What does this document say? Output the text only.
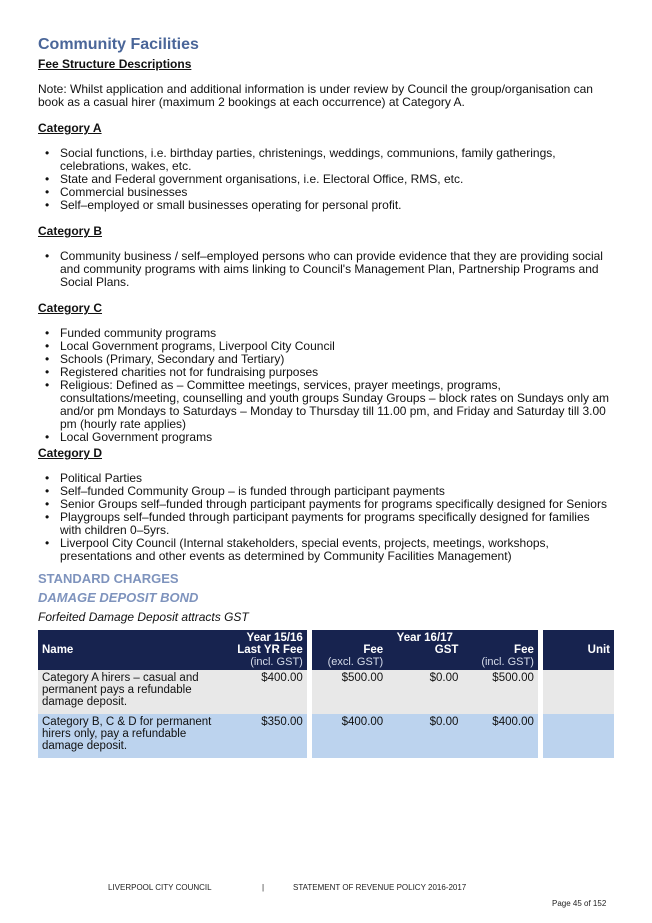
Community Facilities
Fee Structure Descriptions

Note: Whilst application and additional information is under review by Council the group/organisation can book as a casual hirer (maximum 2 bookings at each occurrence) at Category A.

Category A
• Social functions, i.e. birthday parties, christenings, weddings, communions, family gatherings, celebrations, wakes, etc.
• State and Federal government organisations, i.e. Electoral Office, RMS, etc.
• Commercial businesses
• Self–employed or small businesses operating for personal profit.
Category B
• Community business / self–employed persons who can provide evidence that they are providing social and community programs with aims linking to Council's Management Plan, Partnership Programs and Social Plans.
Category C
• Funded community programs
• Local Government programs, Liverpool City Council
• Schools (Primary, Secondary and Tertiary)
• Registered charities not for fundraising purposes
• Religious: Defined as – Committee meetings, services, prayer meetings, programs, consultations/meeting, counselling and youth groups Sunday Groups – block rates on Sundays only am and/or pm Mondays to Saturdays – Monday to Thursday till 11.00 pm, and Friday and Saturday till 3.00 pm (hourly rate applies)
• Local Government programs
Category D
• Political Parties
• Self–funded Community Group – is funded through participant payments
• Senior Groups self–funded through participant payments for programs specifically designed for Seniors
• Playgroups self–funded through participant payments for programs specifically designed for families with children 0–5yrs.
• Liverpool City Council (Internal stakeholders, special events, projects, meetings, workshops, presentations and other events as determined by Community Facilities Management)
STANDARD CHARGES
DAMAGE DEPOSIT BOND
Forfeited Damage Deposit attracts GST
Name	Year 15/16		Year 16/17				Unit
	Last YR Fee		Fee	GST	Fee		
	(incl. GST)		(excl. GST)		(incl. GST)		
Category A hirers – casual and permanent pays a refundable damage deposit.	$400.00		$500.00	$0.00	$500.00		
Category B, C & D for permanent hirers only, pay a refundable damage deposit.	$350.00		$400.00	$0.00	$400.00		
LIVERPOOL CITY COUNCIL	|	STATEMENT OF REVENUE POLICY 2016-2017
Page 45 of 152
